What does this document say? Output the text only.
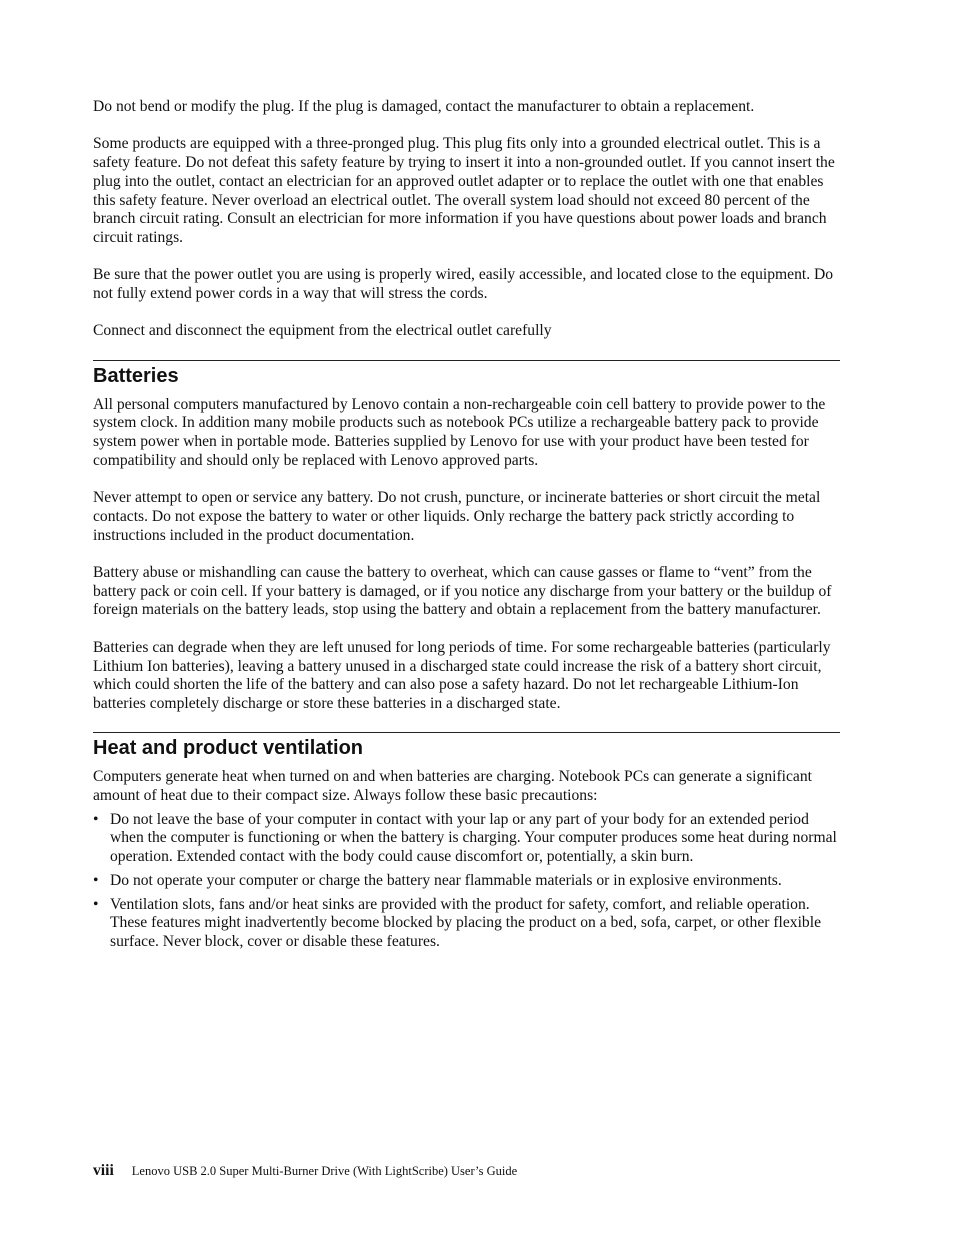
Do not bend or modify the plug. If the plug is damaged, contact the manufacturer to obtain a replacement.

Some products are equipped with a three-pronged plug. This plug fits only into a grounded electrical outlet. This is a safety feature. Do not defeat this safety feature by trying to insert it into a non-grounded outlet. If you cannot insert the plug into the outlet, contact an electrician for an approved outlet adapter or to replace the outlet with one that enables this safety feature. Never overload an electrical outlet. The overall system load should not exceed 80 percent of the branch circuit rating. Consult an electrician for more information if you have questions about power loads and branch circuit ratings.

Be sure that the power outlet you are using is properly wired, easily accessible, and located close to the equipment. Do not fully extend power cords in a way that will stress the cords.

Connect and disconnect the equipment from the electrical outlet carefully

Batteries

All personal computers manufactured by Lenovo contain a non-rechargeable coin cell battery to provide power to the system clock. In addition many mobile products such as notebook PCs utilize a rechargeable battery pack to provide system power when in portable mode. Batteries supplied by Lenovo for use with your product have been tested for compatibility and should only be replaced with Lenovo approved parts.

Never attempt to open or service any battery. Do not crush, puncture, or incinerate batteries or short circuit the metal contacts. Do not expose the battery to water or other liquids. Only recharge the battery pack strictly according to instructions included in the product documentation.

Battery abuse or mishandling can cause the battery to overheat, which can cause gasses or flame to “vent” from the battery pack or coin cell. If your battery is damaged, or if you notice any discharge from your battery or the buildup of foreign materials on the battery leads, stop using the battery and obtain a replacement from the battery manufacturer.

Batteries can degrade when they are left unused for long periods of time. For some rechargeable batteries (particularly Lithium Ion batteries), leaving a battery unused in a discharged state could increase the risk of a battery short circuit, which could shorten the life of the battery and can also pose a safety hazard. Do not let rechargeable Lithium-Ion batteries completely discharge or store these batteries in a discharged state.

Heat and product ventilation

Computers generate heat when turned on and when batteries are charging. Notebook PCs can generate a significant amount of heat due to their compact size. Always follow these basic precautions:

• Do not leave the base of your computer in contact with your lap or any part of your body for an extended period when the computer is functioning or when the battery is charging. Your computer produces some heat during normal operation. Extended contact with the body could cause discomfort or, potentially, a skin burn.
• Do not operate your computer or charge the battery near flammable materials or in explosive environments.
• Ventilation slots, fans and/or heat sinks are provided with the product for safety, comfort, and reliable operation. These features might inadvertently become blocked by placing the product on a bed, sofa, carpet, or other flexible surface. Never block, cover or disable these features.
viii Lenovo USB 2.0 Super Multi-Burner Drive (With LightScribe) User’s Guide
